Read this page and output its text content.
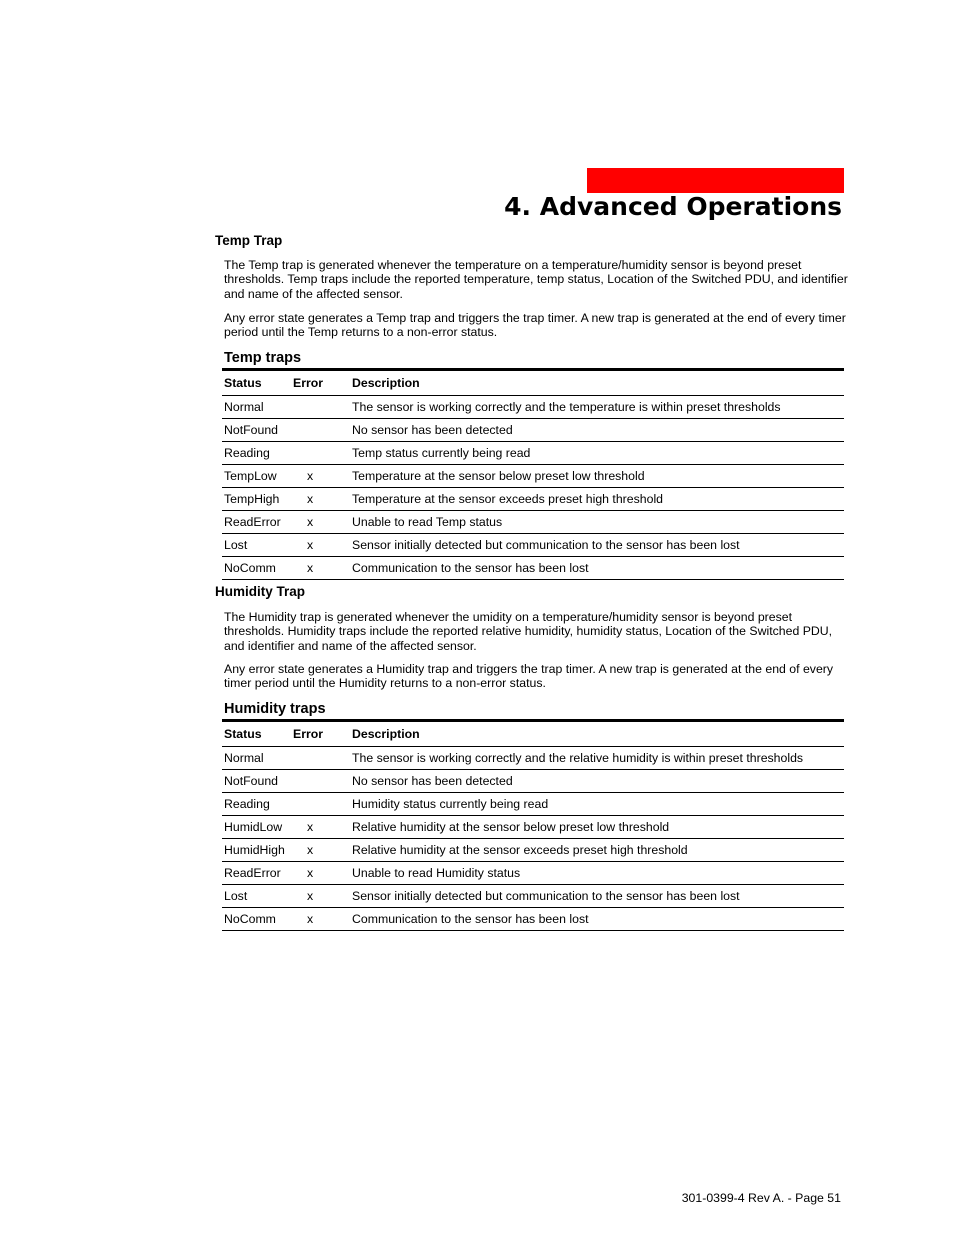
4. Advanced Operations
Temp Trap
The Temp trap is generated whenever the temperature on a temperature/humidity sensor is beyond preset thresholds. Temp traps include the reported temperature, temp status, Location of the Switched PDU, and identifier and name of the affected sensor.
Any error state generates a Temp trap and triggers the trap timer. A new trap is generated at the end of every timer period until the Temp returns to a non-error status.
Temp traps
Status	Error	Description
Normal		The sensor is working correctly and the temperature is within preset thresholds
NotFound		No sensor has been detected
Reading		Temp status currently being read
TempLow	x	Temperature at the sensor below preset low threshold
TempHigh	x	Temperature at the sensor exceeds preset high threshold
ReadError	x	Unable to read Temp status
Lost	x	Sensor initially detected but communication to the sensor has been lost
NoComm	x	Communication to the sensor has been lost
Humidity Trap
The Humidity trap is generated whenever the umidity on a temperature/humidity sensor is beyond preset thresholds. Humidity traps include the reported relative humidity, humidity status, Location of the Switched PDU, and identifier and name of the affected sensor.
Any error state generates a Humidity trap and triggers the trap timer. A new trap is generated at the end of every timer period until the Humidity returns to a non-error status.
Humidity traps
Status	Error	Description
Normal		The sensor is working correctly and the relative humidity is within preset thresholds
NotFound		No sensor has been detected
Reading		Humidity status currently being read
HumidLow	x	Relative humidity at the sensor below preset low threshold
HumidHigh	x	Relative humidity at the sensor exceeds preset high threshold
ReadError	x	Unable to read Humidity status
Lost	x	Sensor initially detected but communication to the sensor has been lost
NoComm	x	Communication to the sensor has been lost
301-0399-4 Rev A. - Page 51
